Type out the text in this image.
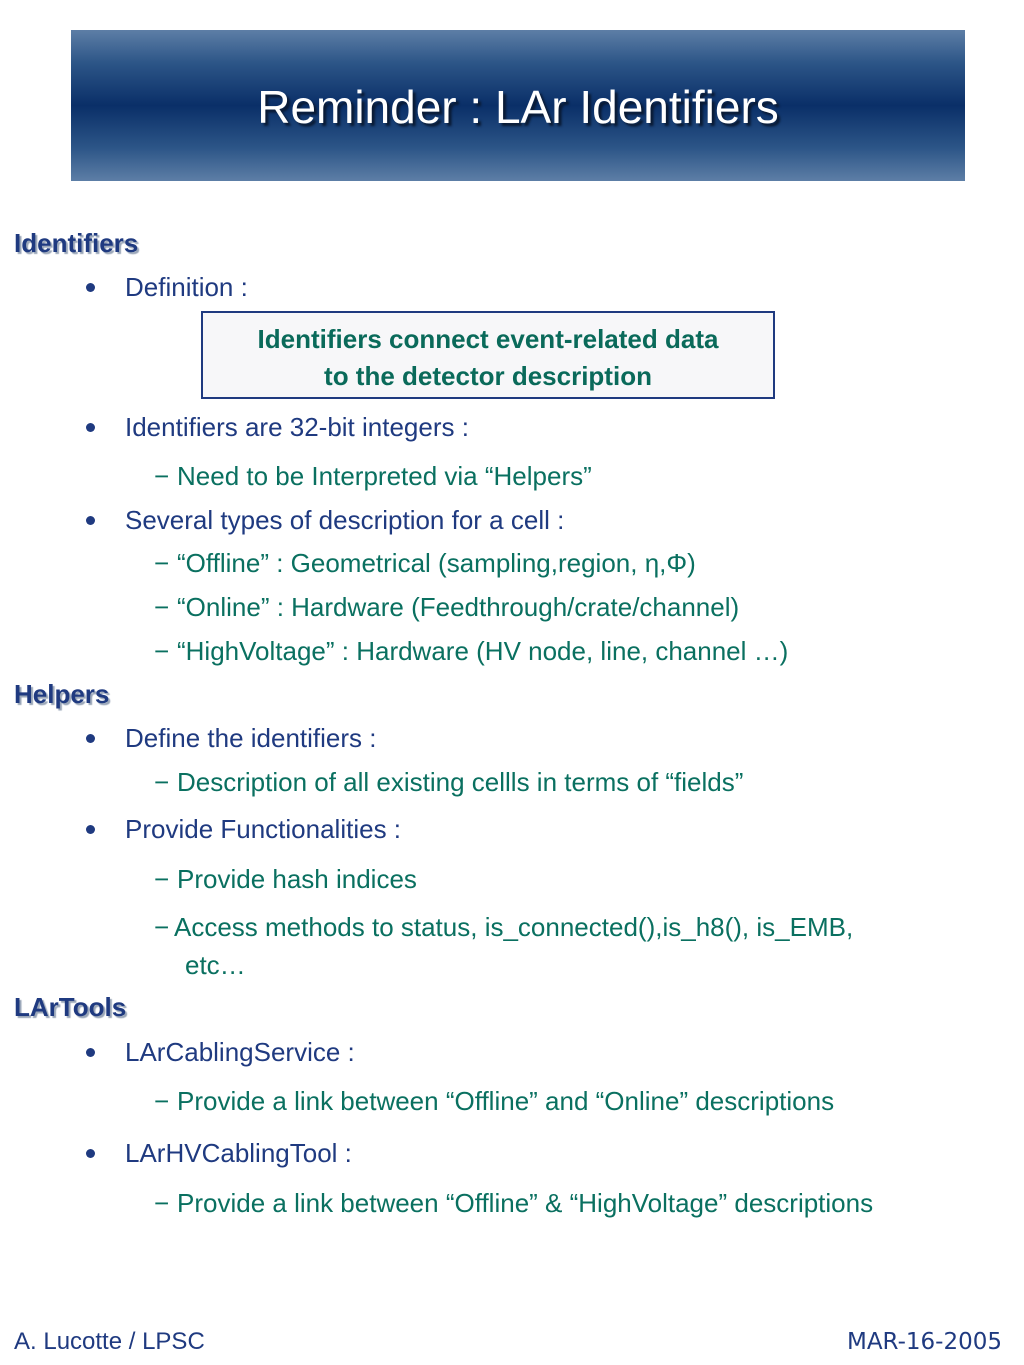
Reminder : LAr Identifiers
Identifiers
Definition :
Identifiers connect event-related data
to the detector description
Identifiers are 32-bit integers :
− Need to be Interpreted via “Helpers”
Several types of description for a cell :
− “Offline” : Geometrical (sampling,region, η,Φ)
− “Online” : Hardware (Feedthrough/crate/channel)
− “HighVoltage” : Hardware (HV node, line, channel …)
Helpers
Define the identifiers :
− Description of all existing cellls in terms of “fields”
Provide Functionalities :
− Provide hash indices
− Access methods to status, is_connected(),is_h8(), is_EMB,
etc…
LArTools
LArCablingService :
− Provide a link between “Offline” and “Online” descriptions
LArHVCablingTool :
− Provide a link between “Offline” & “HighVoltage” descriptions
A. Lucotte / LPSC	MAR-16-2005
